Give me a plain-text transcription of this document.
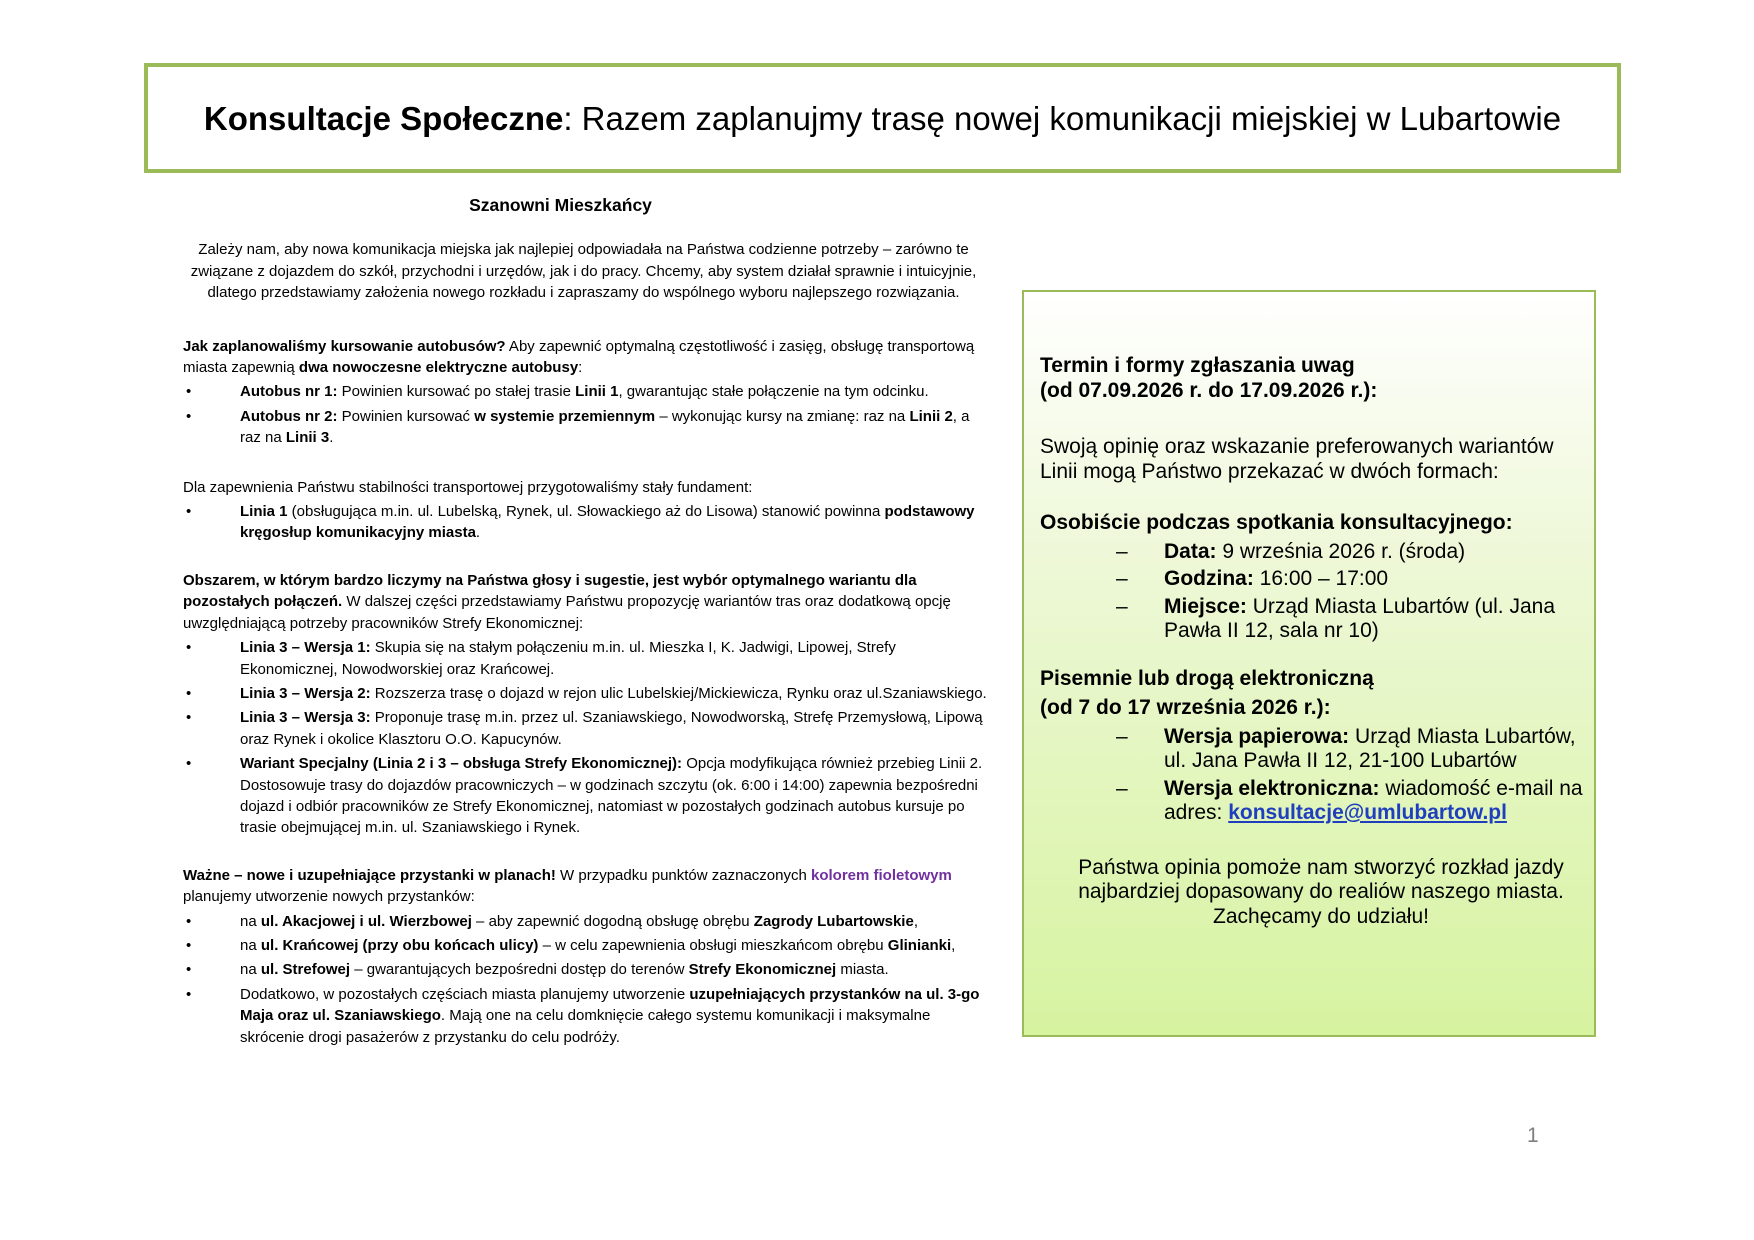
Konsultacje Społeczne: Razem zaplanujmy trasę nowej komunikacji miejskiej w Lubartowie
Szanowni Mieszkańcy

Zależy nam, aby nowa komunikacja miejska jak najlepiej odpowiadała na Państwa codzienne potrzeby – zarówno te związane z dojazdem do szkół, przychodni i urzędów, jak i do pracy. Chcemy, aby system działał sprawnie i intuicyjnie, dlatego przedstawiamy założenia nowego rozkładu i zapraszamy do wspólnego wyboru najlepszego rozwiązania.

Jak zaplanowaliśmy kursowanie autobusów? Aby zapewnić optymalną częstotliwość i zasięg, obsługę transportową miasta zapewnią dwa nowoczesne elektryczne autobusy:

• Autobus nr 1: Powinien kursować po stałej trasie Linii 1, gwarantując stałe połączenie na tym odcinku.
• Autobus nr 2: Powinien kursować w systemie przemiennym – wykonując kursy na zmianę: raz na Linii 2, a raz na Linii 3.

Dla zapewnienia Państwu stabilności transportowej przygotowaliśmy stały fundament:

• Linia 1 (obsługująca m.in. ul. Lubelską, Rynek, ul. Słowackiego aż do Lisowa) stanowić powinna podstawowy kręgosłup komunikacyjny miasta.

Obszarem, w którym bardzo liczymy na Państwa głosy i sugestie, jest wybór optymalnego wariantu dla pozostałych połączeń. W dalszej części przedstawiamy Państwu propozycję wariantów tras oraz dodatkową opcję uwzględniającą potrzeby pracowników Strefy Ekonomicznej:

• Linia 3 – Wersja 1: Skupia się na stałym połączeniu m.in. ul. Mieszka I, K. Jadwigi, Lipowej, Strefy Ekonomicznej, Nowodworskiej oraz Krańcowej.
• Linia 3 – Wersja 2: Rozszerza trasę o dojazd w rejon ulic Lubelskiej/Mickiewicza, Rynku oraz ul.Szaniawskiego.
• Linia 3 – Wersja 3: Proponuje trasę m.in. przez ul. Szaniawskiego, Nowodworską, Strefę Przemysłową, Lipową oraz Rynek i okolice Klasztoru O.O. Kapucynów.
• Wariant Specjalny (Linia 2 i 3 – obsługa Strefy Ekonomicznej): Opcja modyfikująca również przebieg Linii 2. Dostosowuje trasy do dojazdów pracowniczych – w godzinach szczytu (ok. 6:00 i 14:00) zapewnia bezpośredni dojazd i odbiór pracowników ze Strefy Ekonomicznej, natomiast w pozostałych godzinach autobus kursuje po trasie obejmującej m.in. ul. Szaniawskiego i Rynek.

Ważne – nowe i uzupełniające przystanki w planach! W przypadku punktów zaznaczonych kolorem fioletowym planujemy utworzenie nowych przystanków:

• na ul. Akacjowej i ul. Wierzbowej – aby zapewnić dogodną obsługę obrębu Zagrody Lubartowskie,
• na ul. Krańcowej (przy obu końcach ulicy) – w celu zapewnienia obsługi mieszkańcom obrębu Glinianki,
• na ul. Strefowej – gwarantujących bezpośredni dostęp do terenów Strefy Ekonomicznej miasta.
• Dodatkowo, w pozostałych częściach miasta planujemy utworzenie uzupełniających przystanków na ul. 3-go Maja oraz ul. Szaniawskiego. Mają one na celu domknięcie całego systemu komunikacji i maksymalne skrócenie drogi pasażerów z przystanku do celu podróży.
Termin i formy zgłaszania uwag
(od 07.09.2026 r. do 17.09.2026 r.):
Swoją opinię oraz wskazanie preferowanych wariantów Linii mogą Państwo przekazać w dwóch formach:
Osobiście podczas spotkania konsultacyjnego:
– Data: 9 września 2026 r. (środa)
– Godzina: 16:00 – 17:00
– Miejsce: Urząd Miasta Lubartów (ul. Jana Pawła II 12, sala nr 10)
Pisemnie lub drogą elektroniczną
(od 7 do 17 września 2026 r.):
– Wersja papierowa: Urząd Miasta Lubartów, ul. Jana Pawła II 12, 21-100 Lubartów
– Wersja elektroniczna: wiadomość e-mail na adres: konsultacje@umlubartow.pl
Państwa opinia pomoże nam stworzyć rozkład jazdy najbardziej dopasowany do realiów naszego miasta. Zachęcamy do udziału!
1
